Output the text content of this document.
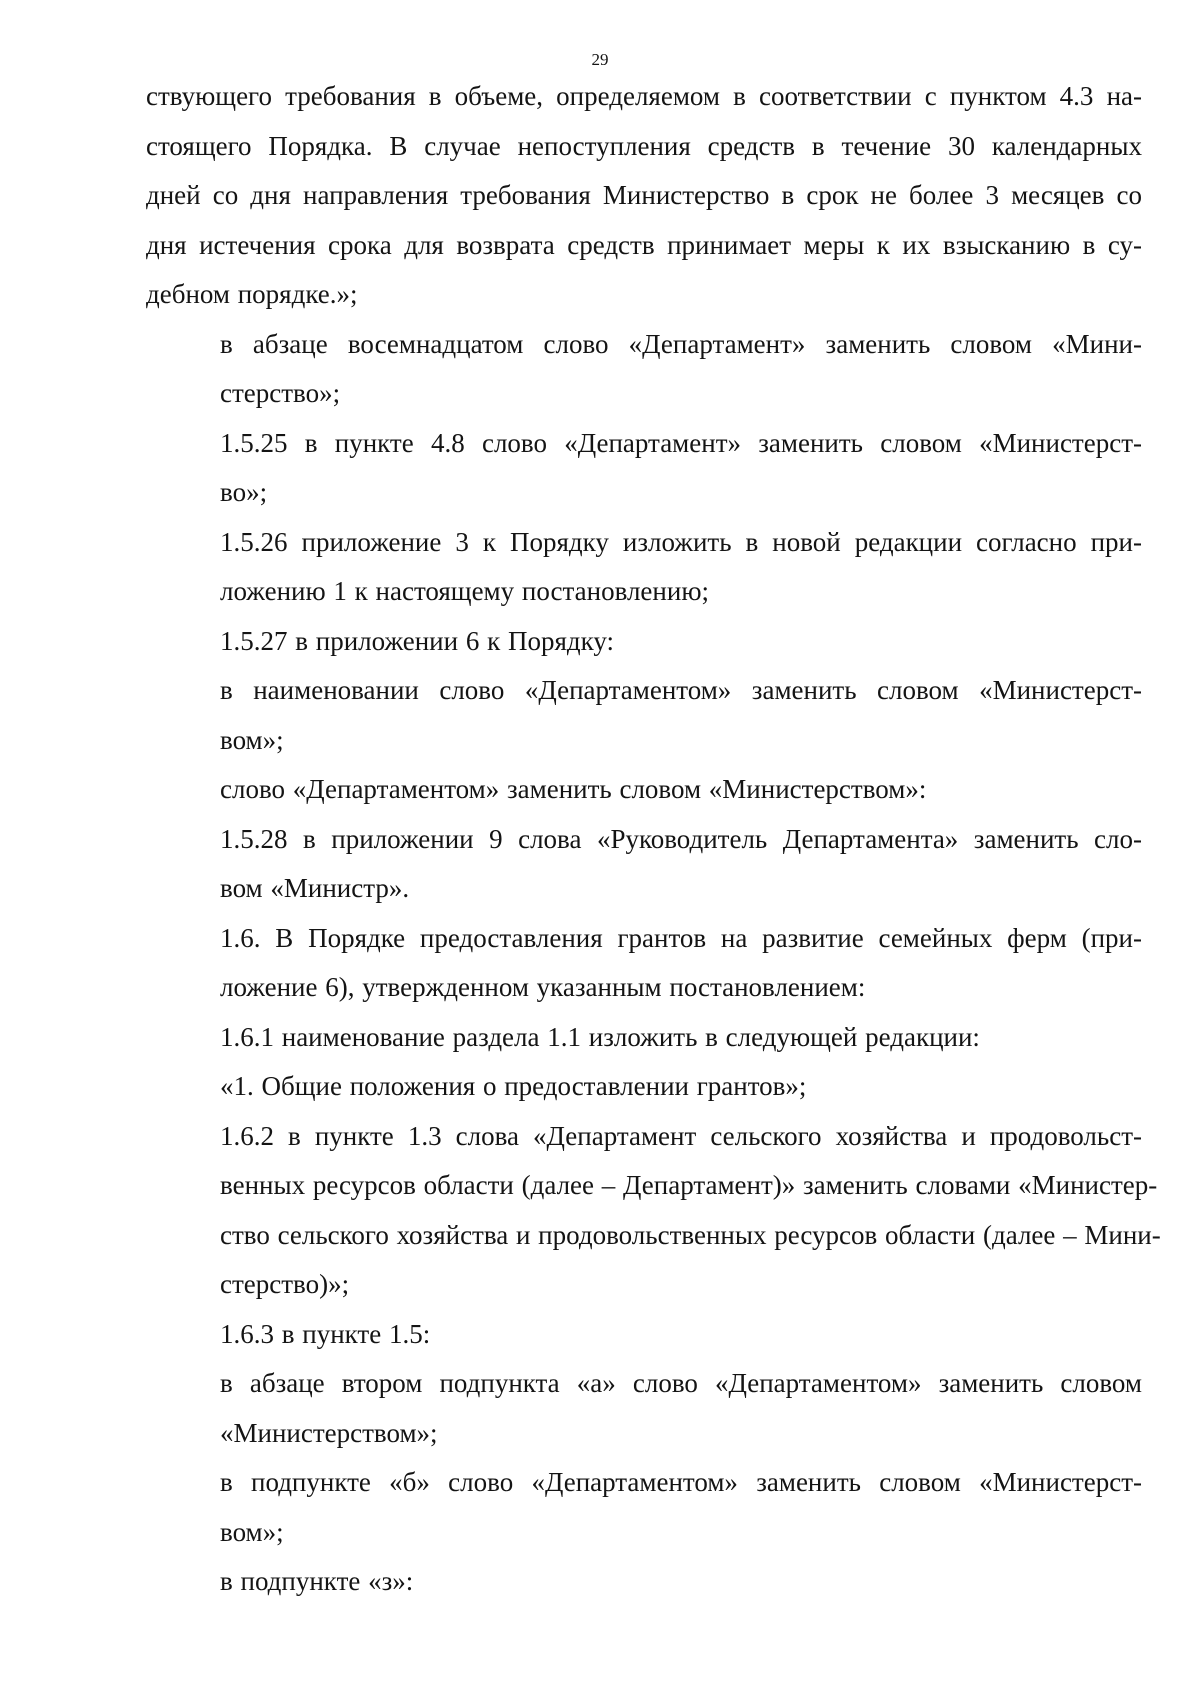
29

ствующего требования в объеме, определяемом в соответствии с пунктом 4.3 на-
стоящего Порядка. В случае непоступления средств в течение 30 календарных
дней со дня направления требования Министерство в срок не более 3 месяцев со
дня истечения срока для возврата средств принимает меры к их взысканию в су-
дебном порядке.»;

в абзаце восемнадцатом слово «Департамент» заменить словом «Мини-
стерство»;

1.5.25 в пункте 4.8 слово «Департамент» заменить словом «Министерст-
во»;

1.5.26 приложение 3 к Порядку изложить в новой редакции согласно при-
ложению 1 к настоящему постановлению;

1.5.27 в приложении 6 к Порядку:

в наименовании слово «Департаментом» заменить словом «Министерст-
вом»;

слово «Департаментом» заменить словом «Министерством»:

1.5.28 в приложении 9 слова «Руководитель Департамента» заменить сло-
вом «Министр».

1.6. В Порядке предоставления грантов на развитие семейных ферм (при-
ложение 6), утвержденном указанным постановлением:

1.6.1 наименование раздела 1.1 изложить в следующей редакции:

«1. Общие положения о предоставлении грантов»;

1.6.2 в пункте 1.3 слова «Департамент сельского хозяйства и продовольст-
венных ресурсов области (далее – Департамент)» заменить словами «Министер-
ство сельского хозяйства и продовольственных ресурсов области (далее – Мини-
стерство)»;

1.6.3 в пункте 1.5:

в абзаце втором подпункта «а» слово «Департаментом» заменить словом
«Министерством»;

в подпункте «б» слово «Департаментом» заменить словом «Министерст-
вом»;

в подпункте «з»:
